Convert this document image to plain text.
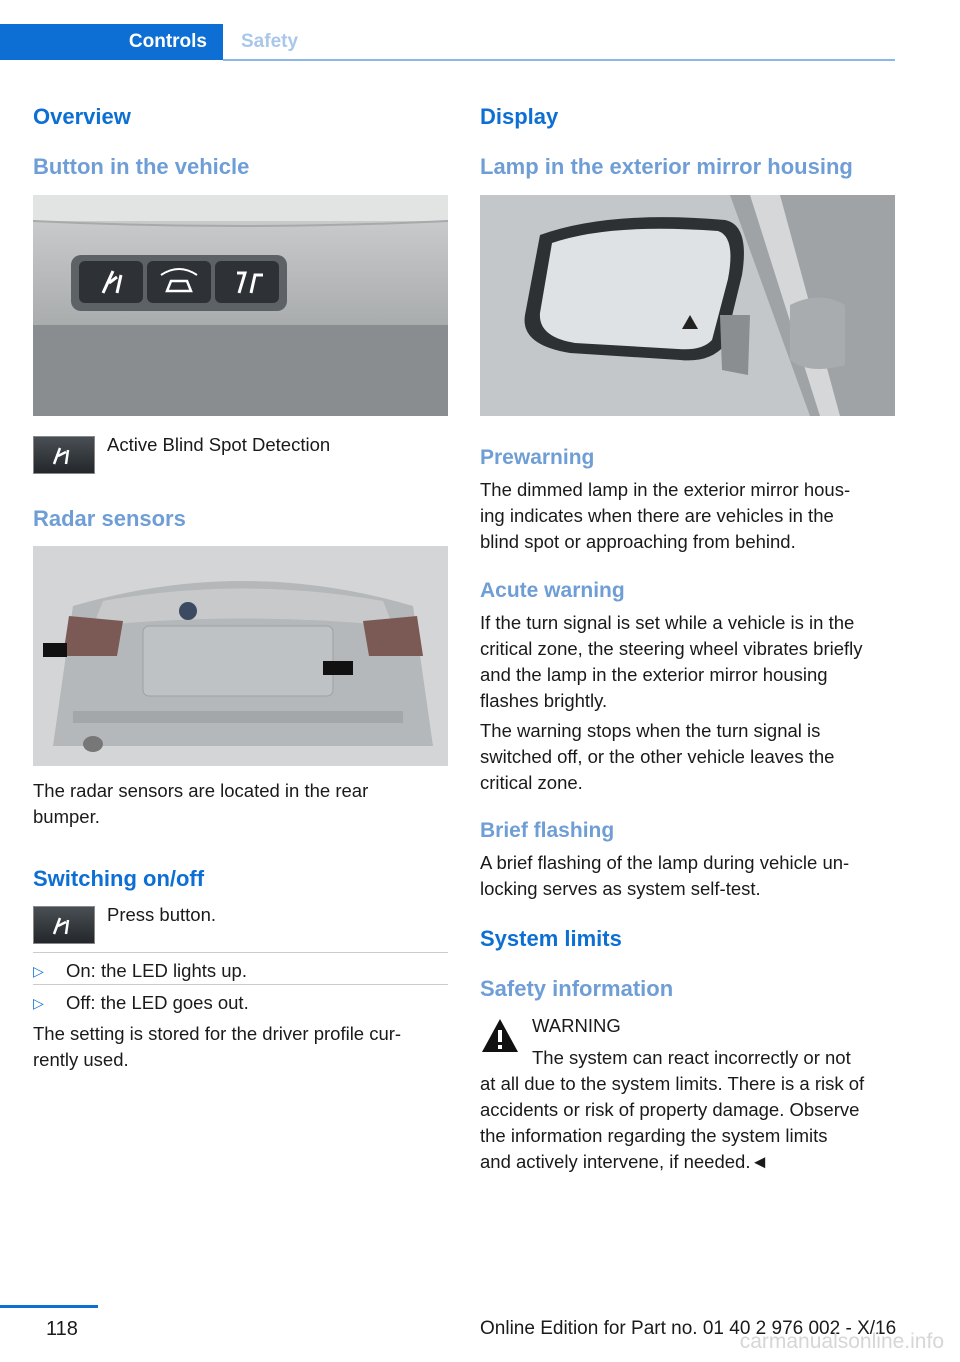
Controls	Safety
Overview
Button in the vehicle
Active Blind Spot Detection
Radar sensors
The radar sensors are located in the rear
bumper.
Switching on/off
Press button.
▷ On: the LED lights up.
▷ Off: the LED goes out.
The setting is stored for the driver profile cur-
rently used.
Display
Lamp in the exterior mirror housing
Prewarning
The dimmed lamp in the exterior mirror hous-
ing indicates when there are vehicles in the
blind spot or approaching from behind.
Acute warning
If the turn signal is set while a vehicle is in the
critical zone, the steering wheel vibrates briefly
and the lamp in the exterior mirror housing
flashes brightly.
The warning stops when the turn signal is
switched off, or the other vehicle leaves the
critical zone.
Brief flashing
A brief flashing of the lamp during vehicle un-
locking serves as system self-test.
System limits
Safety information
WARNING
The system can react incorrectly or not
at all due to the system limits. There is a risk of
accidents or risk of property damage. Observe
the information regarding the system limits
and actively intervene, if needed.◄
118	Online Edition for Part no. 01 40 2 976 002 - X/16
carmanualsonline.info
